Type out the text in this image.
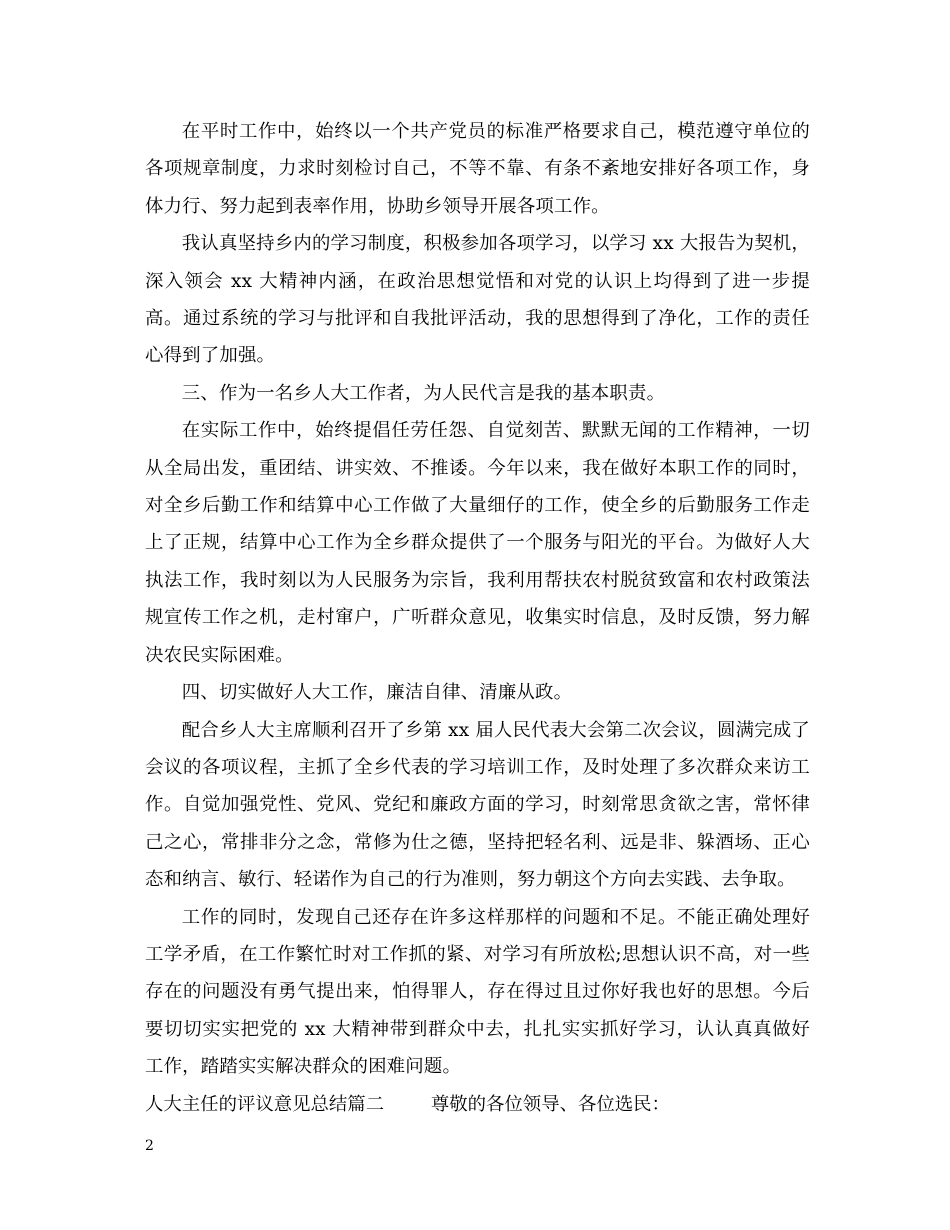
在平时工作中，始终以一个共产党员的标准严格要求自己，模范遵守单位的各项规章制度，力求时刻检讨自己，不等不靠、有条不紊地安排好各项工作，身体力行、努力起到表率作用，协助乡领导开展各项工作。

我认真坚持乡内的学习制度，积极参加各项学习，以学习 xx 大报告为契机，深入领会 xx 大精神内涵，在政治思想觉悟和对党的认识上均得到了进一步提高。通过系统的学习与批评和自我批评活动，我的思想得到了净化，工作的责任心得到了加强。

三、作为一名乡人大工作者，为人民代言是我的基本职责。

在实际工作中，始终提倡任劳任怨、自觉刻苦、默默无闻的工作精神，一切从全局出发，重团结、讲实效、不推诿。今年以来，我在做好本职工作的同时，对全乡后勤工作和结算中心工作做了大量细仔的工作，使全乡的后勤服务工作走上了正规，结算中心工作为全乡群众提供了一个服务与阳光的平台。为做好人大执法工作，我时刻以为人民服务为宗旨，我利用帮扶农村脱贫致富和农村政策法规宣传工作之机，走村窜户，广听群众意见，收集实时信息，及时反馈，努力解决农民实际困难。

四、切实做好人大工作，廉洁自律、清廉从政。

配合乡人大主席顺利召开了乡第 xx 届人民代表大会第二次会议，圆满完成了会议的各项议程，主抓了全乡代表的学习培训工作，及时处理了多次群众来访工作。自觉加强党性、党风、党纪和廉政方面的学习，时刻常思贪欲之害，常怀律己之心，常排非分之念，常修为仕之德，坚持把轻名利、远是非、躲酒场、正心态和纳言、敏行、轻诺作为自己的行为准则，努力朝这个方向去实践、去争取。

工作的同时，发现自己还存在许多这样那样的问题和不足。不能正确处理好工学矛盾，在工作繁忙时对工作抓的紧、对学习有所放松;思想认识不高，对一些存在的问题没有勇气提出来，怕得罪人，存在得过且过你好我也好的思想。今后要切切实实把党的 xx 大精神带到群众中去，扎扎实实抓好学习，认认真真做好工作，踏踏实实解决群众的困难问题。

人大主任的评议意见总结篇二        尊敬的各位领导、各位选民：

2
